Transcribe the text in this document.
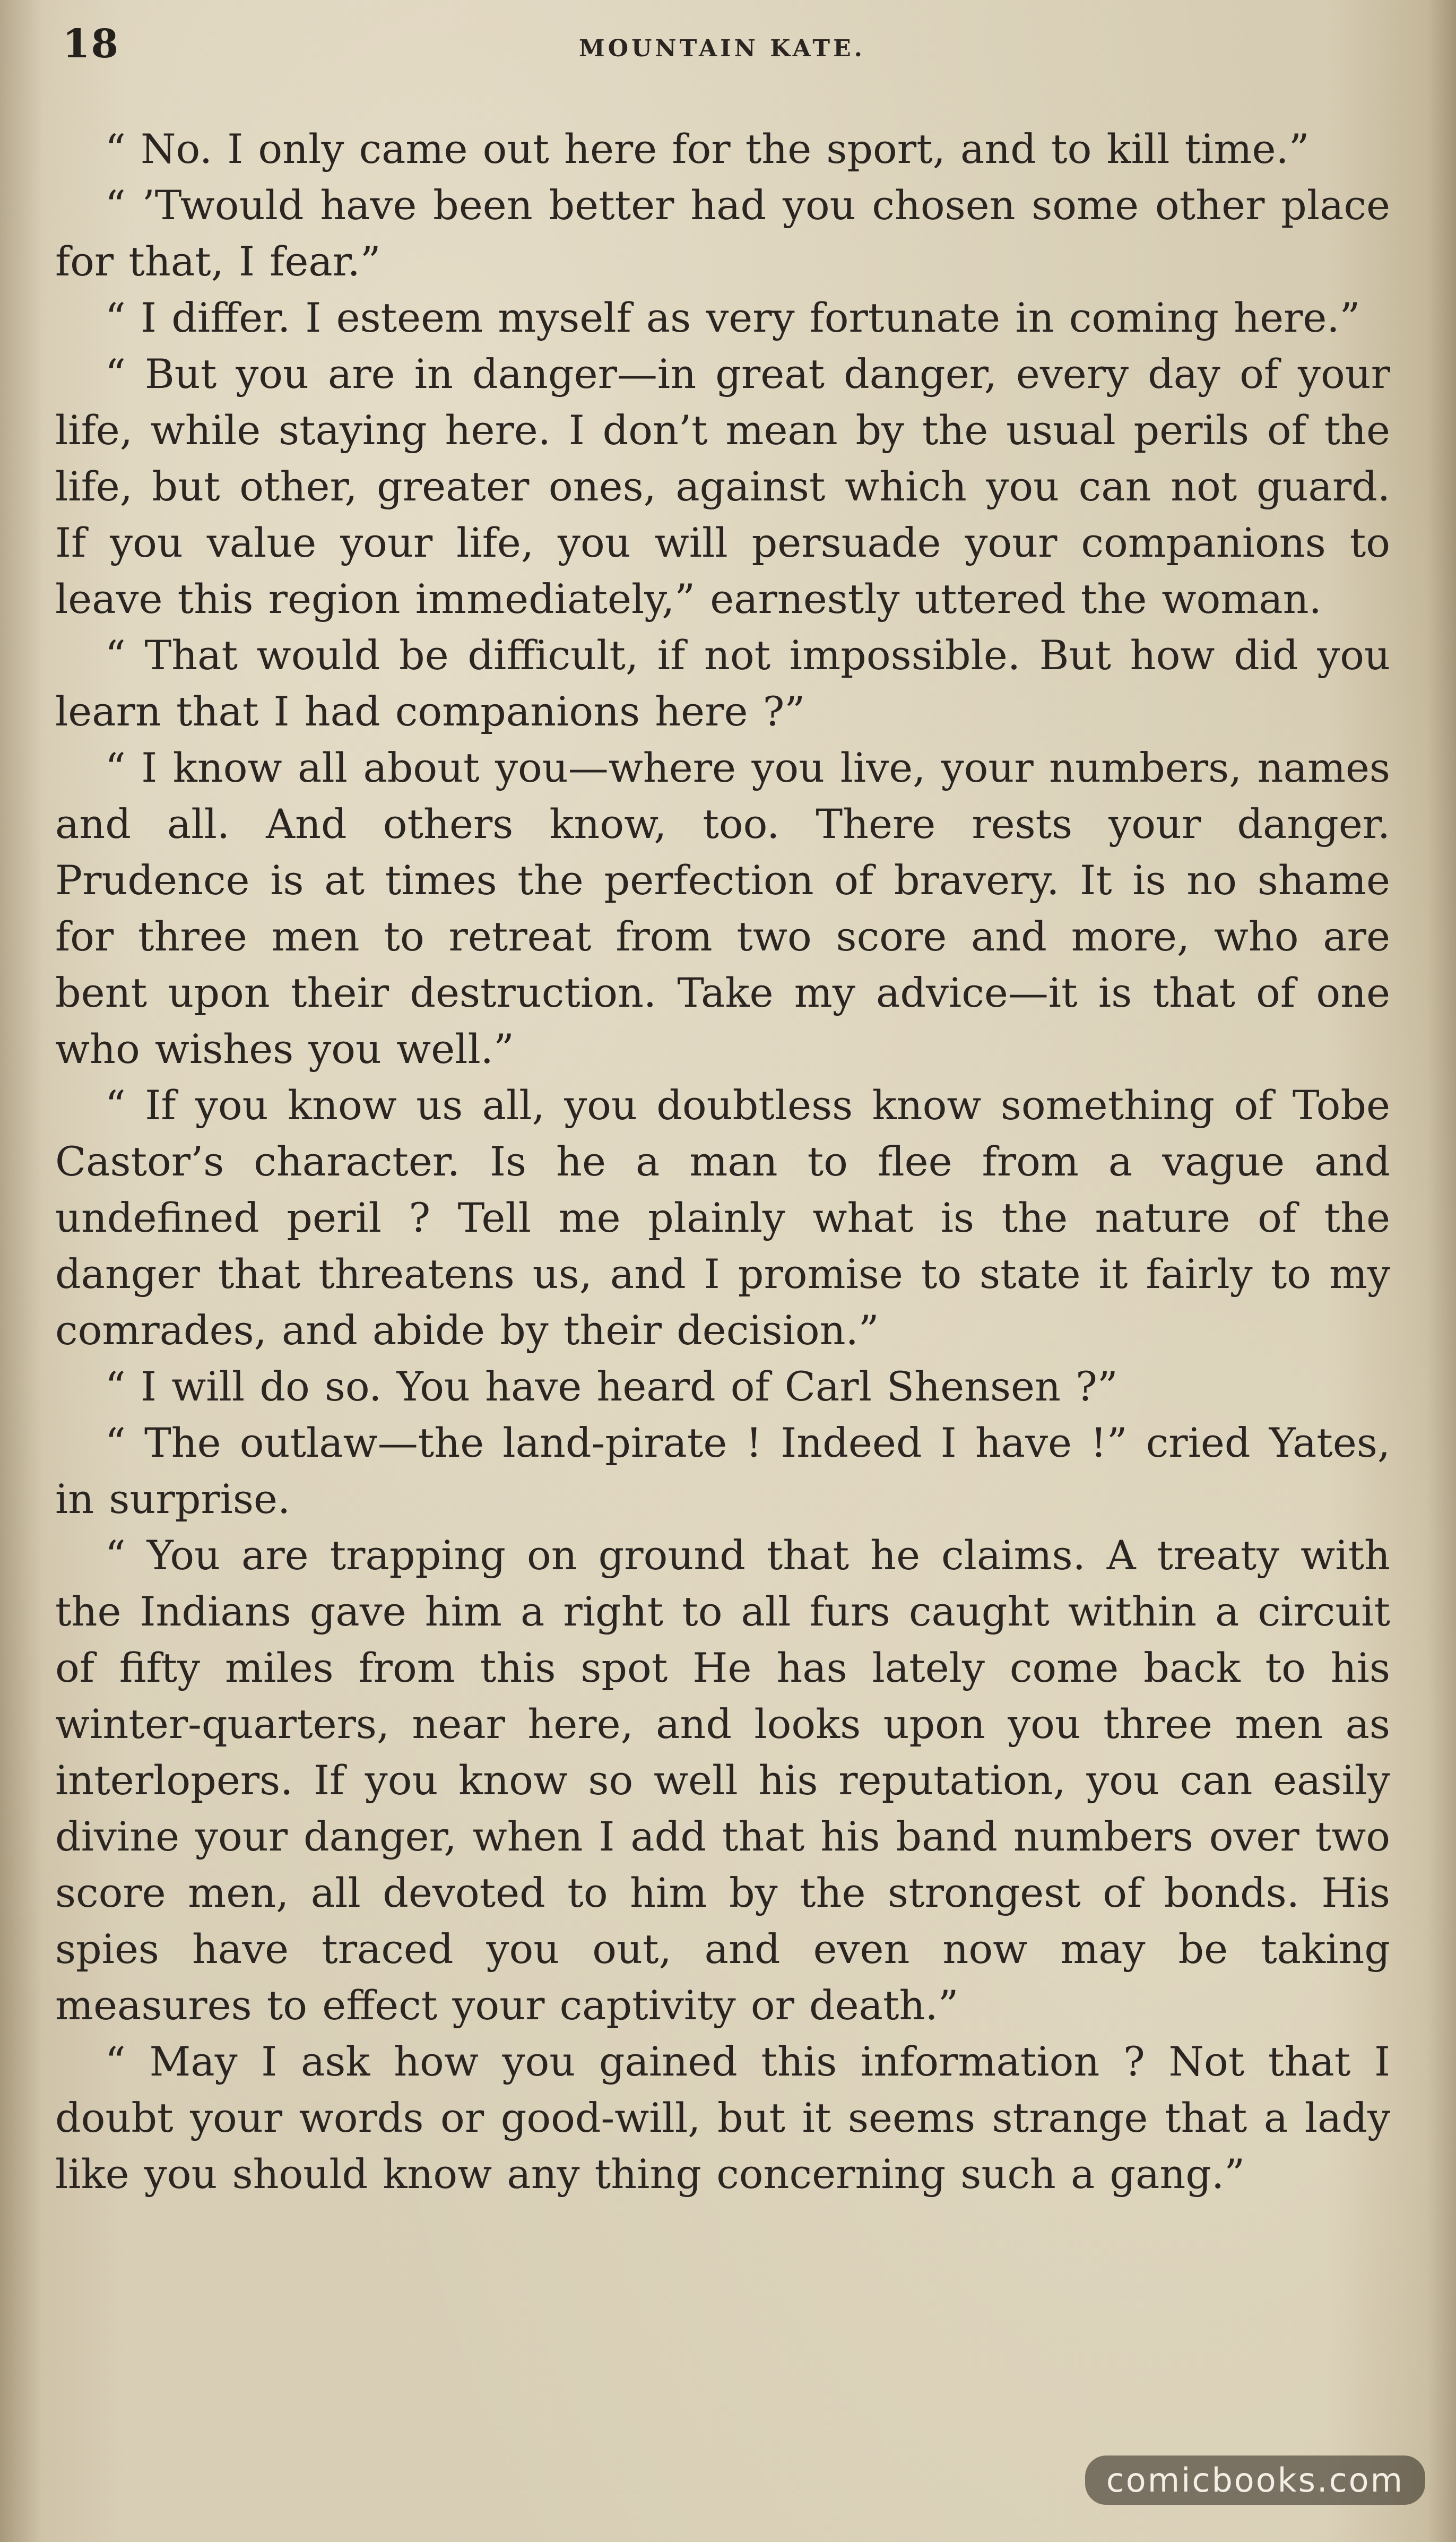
18	MOUNTAIN KATE.

“ No. I only came out here for the sport, and to kill time.”

“ ’Twould have been better had you chosen some other place for that, I fear.”

“ I differ. I esteem myself as very fortunate in coming here.”

“ But you are in danger—in great danger, every day of your life, while staying here. I don’t mean by the usual perils of the life, but other, greater ones, against which you can not guard. If you value your life, you will persuade your companions to leave this region immediately,” earnestly uttered the woman.

“ That would be difficult, if not impossible. But how did you learn that I had companions here ?”

“ I know all about you—where you live, your numbers, names and all. And others know, too. There rests your danger. Prudence is at times the perfection of bravery. It is no shame for three men to retreat from two score and more, who are bent upon their destruction. Take my advice—it is that of one who wishes you well.”

“ If you know us all, you doubtless know something of Tobe Castor’s character. Is he a man to flee from a vague and undefined peril ? Tell me plainly what is the nature of the danger that threatens us, and I promise to state it fairly to my comrades, and abide by their decision.”

“ I will do so. You have heard of Carl Shensen ?”

“ The outlaw—the land-pirate ! Indeed I have !” cried Yates, in surprise.

“ You are trapping on ground that he claims. A treaty with the Indians gave him a right to all furs caught within a circuit of fifty miles from this spot He has lately come back to his winter-quarters, near here, and looks upon you three men as interlopers. If you know so well his reputation, you can easily divine your danger, when I add that his band numbers over two score men, all devoted to him by the strongest of bonds. His spies have traced you out, and even now may be taking measures to effect your captivity or death.”

“ May I ask how you gained this information ? Not that I doubt your words or good-will, but it seems strange that a lady like you should know any thing concerning such a gang.”

comicbooks.com
